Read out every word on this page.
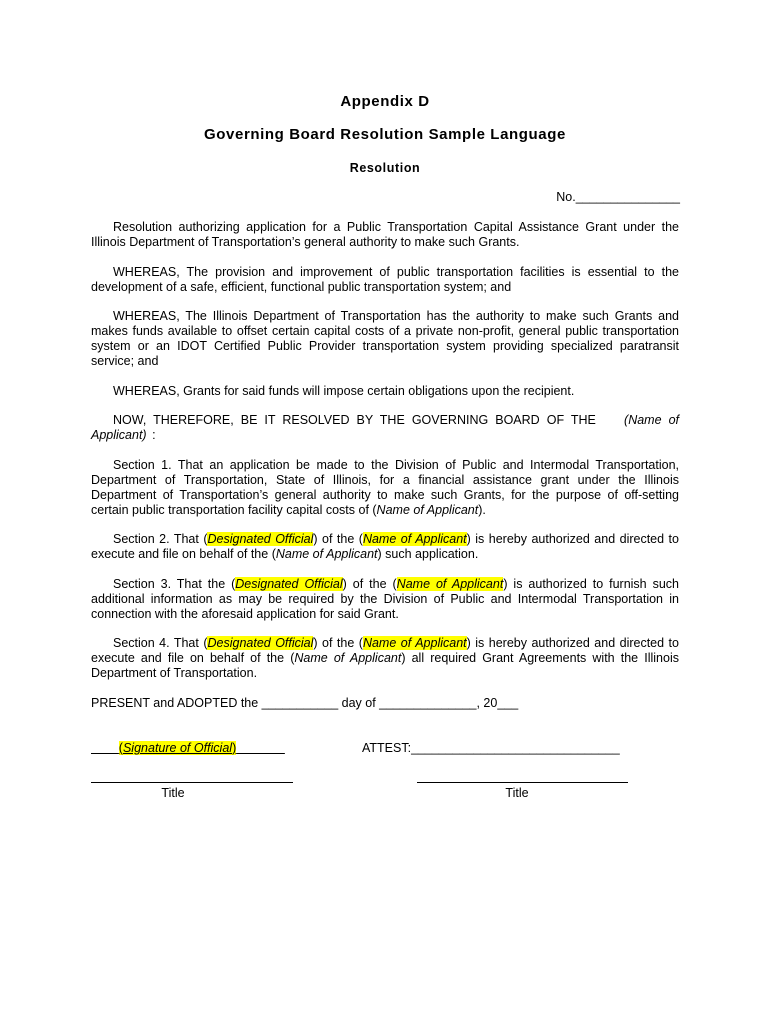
Appendix D
Governing Board Resolution Sample Language
Resolution
No._______________
Resolution authorizing application for a Public Transportation Capital Assistance Grant under the Illinois Department of Transportation’s general authority to make such Grants.
WHEREAS, The provision and improvement of public transportation facilities is essential to the development of a safe, efficient, functional public transportation system; and
WHEREAS, The Illinois Department of Transportation has the authority to make such Grants and makes funds available to offset certain capital costs of a private non-profit, general public transportation system or an IDOT Certified Public Provider transportation system providing specialized paratransit service; and
WHEREAS, Grants for said funds will impose certain obligations upon the recipient.
NOW, THEREFORE, BE IT RESOLVED BY THE GOVERNING BOARD OF THE (Name of Applicant) :
Section 1. That an application be made to the Division of Public and Intermodal Transportation, Department of Transportation, State of Illinois, for a financial assistance grant under the Illinois Department of Transportation’s general authority to make such Grants, for the purpose of off-setting certain public transportation facility capital costs of (Name of Applicant).
Section 2. That (Designated Official) of the (Name of Applicant) is hereby authorized and directed to execute and file on behalf of the (Name of Applicant) such application.
Section 3. That the (Designated Official) of the (Name of Applicant) is authorized to furnish such additional information as may be required by the Division of Public and Intermodal Transportation in connection with the aforesaid application for said Grant.
Section 4. That (Designated Official) of the (Name of Applicant) is hereby authorized and directed to execute and file on behalf of the (Name of Applicant) all required Grant Agreements with the Illinois Department of Transportation.
PRESENT and ADOPTED the ___________ day of ______________, 20___
(Signature of Official)	ATTEST:______________________________
Title	Title
